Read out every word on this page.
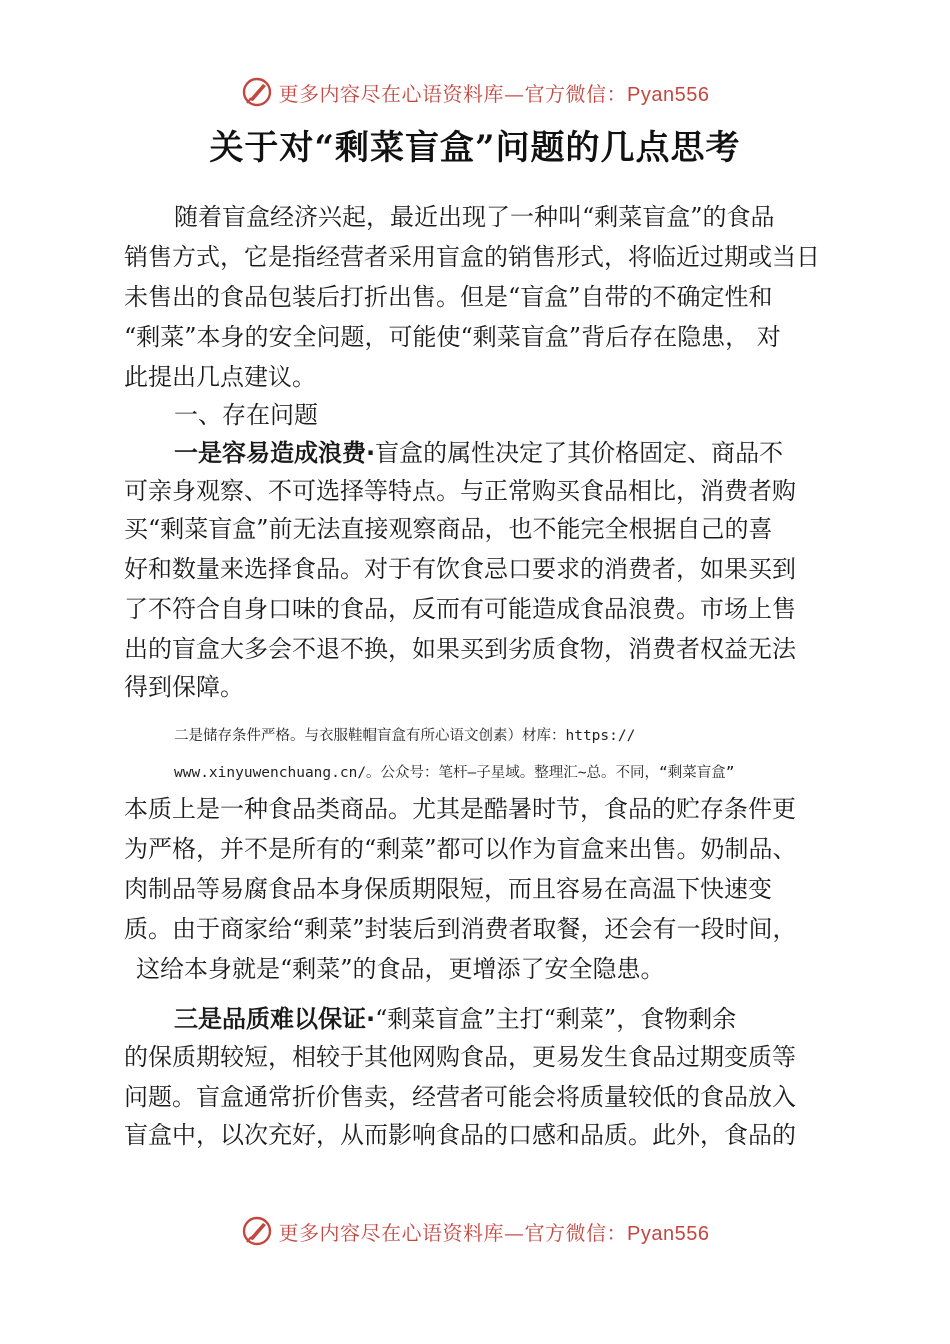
更多内容尽在心语资料库—官方微信：Pyan556
关于对“剩菜盲盒”问题的几点思考
随着盲盒经济兴起，最近出现了一种叫“剩菜盲盒”的食品
销售方式，它是指经营者采用盲盒的销售形式，将临近过期或当日
未售出的食品包装后打折出售。但是“盲盒”自带的不确定性和
“剩菜”本身的安全问题，可能使“剩菜盲盒”背后存在隐患， 对
此提出几点建议。
一、存在问题
一是容易造成浪费·盲盒的属性决定了其价格固定、商品不
可亲身观察、不可选择等特点。与正常购买食品相比，消费者购
买“剩菜盲盒”前无法直接观察商品，也不能完全根据自己的喜
好和数量来选择食品。对于有饮食忌口要求的消费者，如果买到
了不符合自身口味的食品，反而有可能造成食品浪费。市场上售
出的盲盒大多会不退不换，如果买到劣质食物，消费者权益无法
得到保障。
二是储存条件严格。与衣服鞋帽盲盒有所心语文创素）材库：https://
www.xinyuwenchuang.cn/。公众号：笔杆—子星域。整理汇~总。不同，“剩菜盲盒”
本质上是一种食品类商品。尤其是酷暑时节，食品的贮存条件更
为严格，并不是所有的“剩菜”都可以作为盲盒来出售。奶制品、
肉制品等易腐食品本身保质期限短，而且容易在高温下快速变
质。由于商家给“剩菜”封装后到消费者取餐，还会有一段时间，
这给本身就是“剩菜”的食品，更增添了安全隐患。
三是品质难以保证·“剩菜盲盒”主打“剩菜”，食物剩余
的保质期较短，相较于其他网购食品，更易发生食品过期变质等
问题。盲盒通常折价售卖，经营者可能会将质量较低的食品放入
盲盒中，以次充好，从而影响食品的口感和品质。此外，食品的
更多内容尽在心语资料库—官方微信：Pyan556
